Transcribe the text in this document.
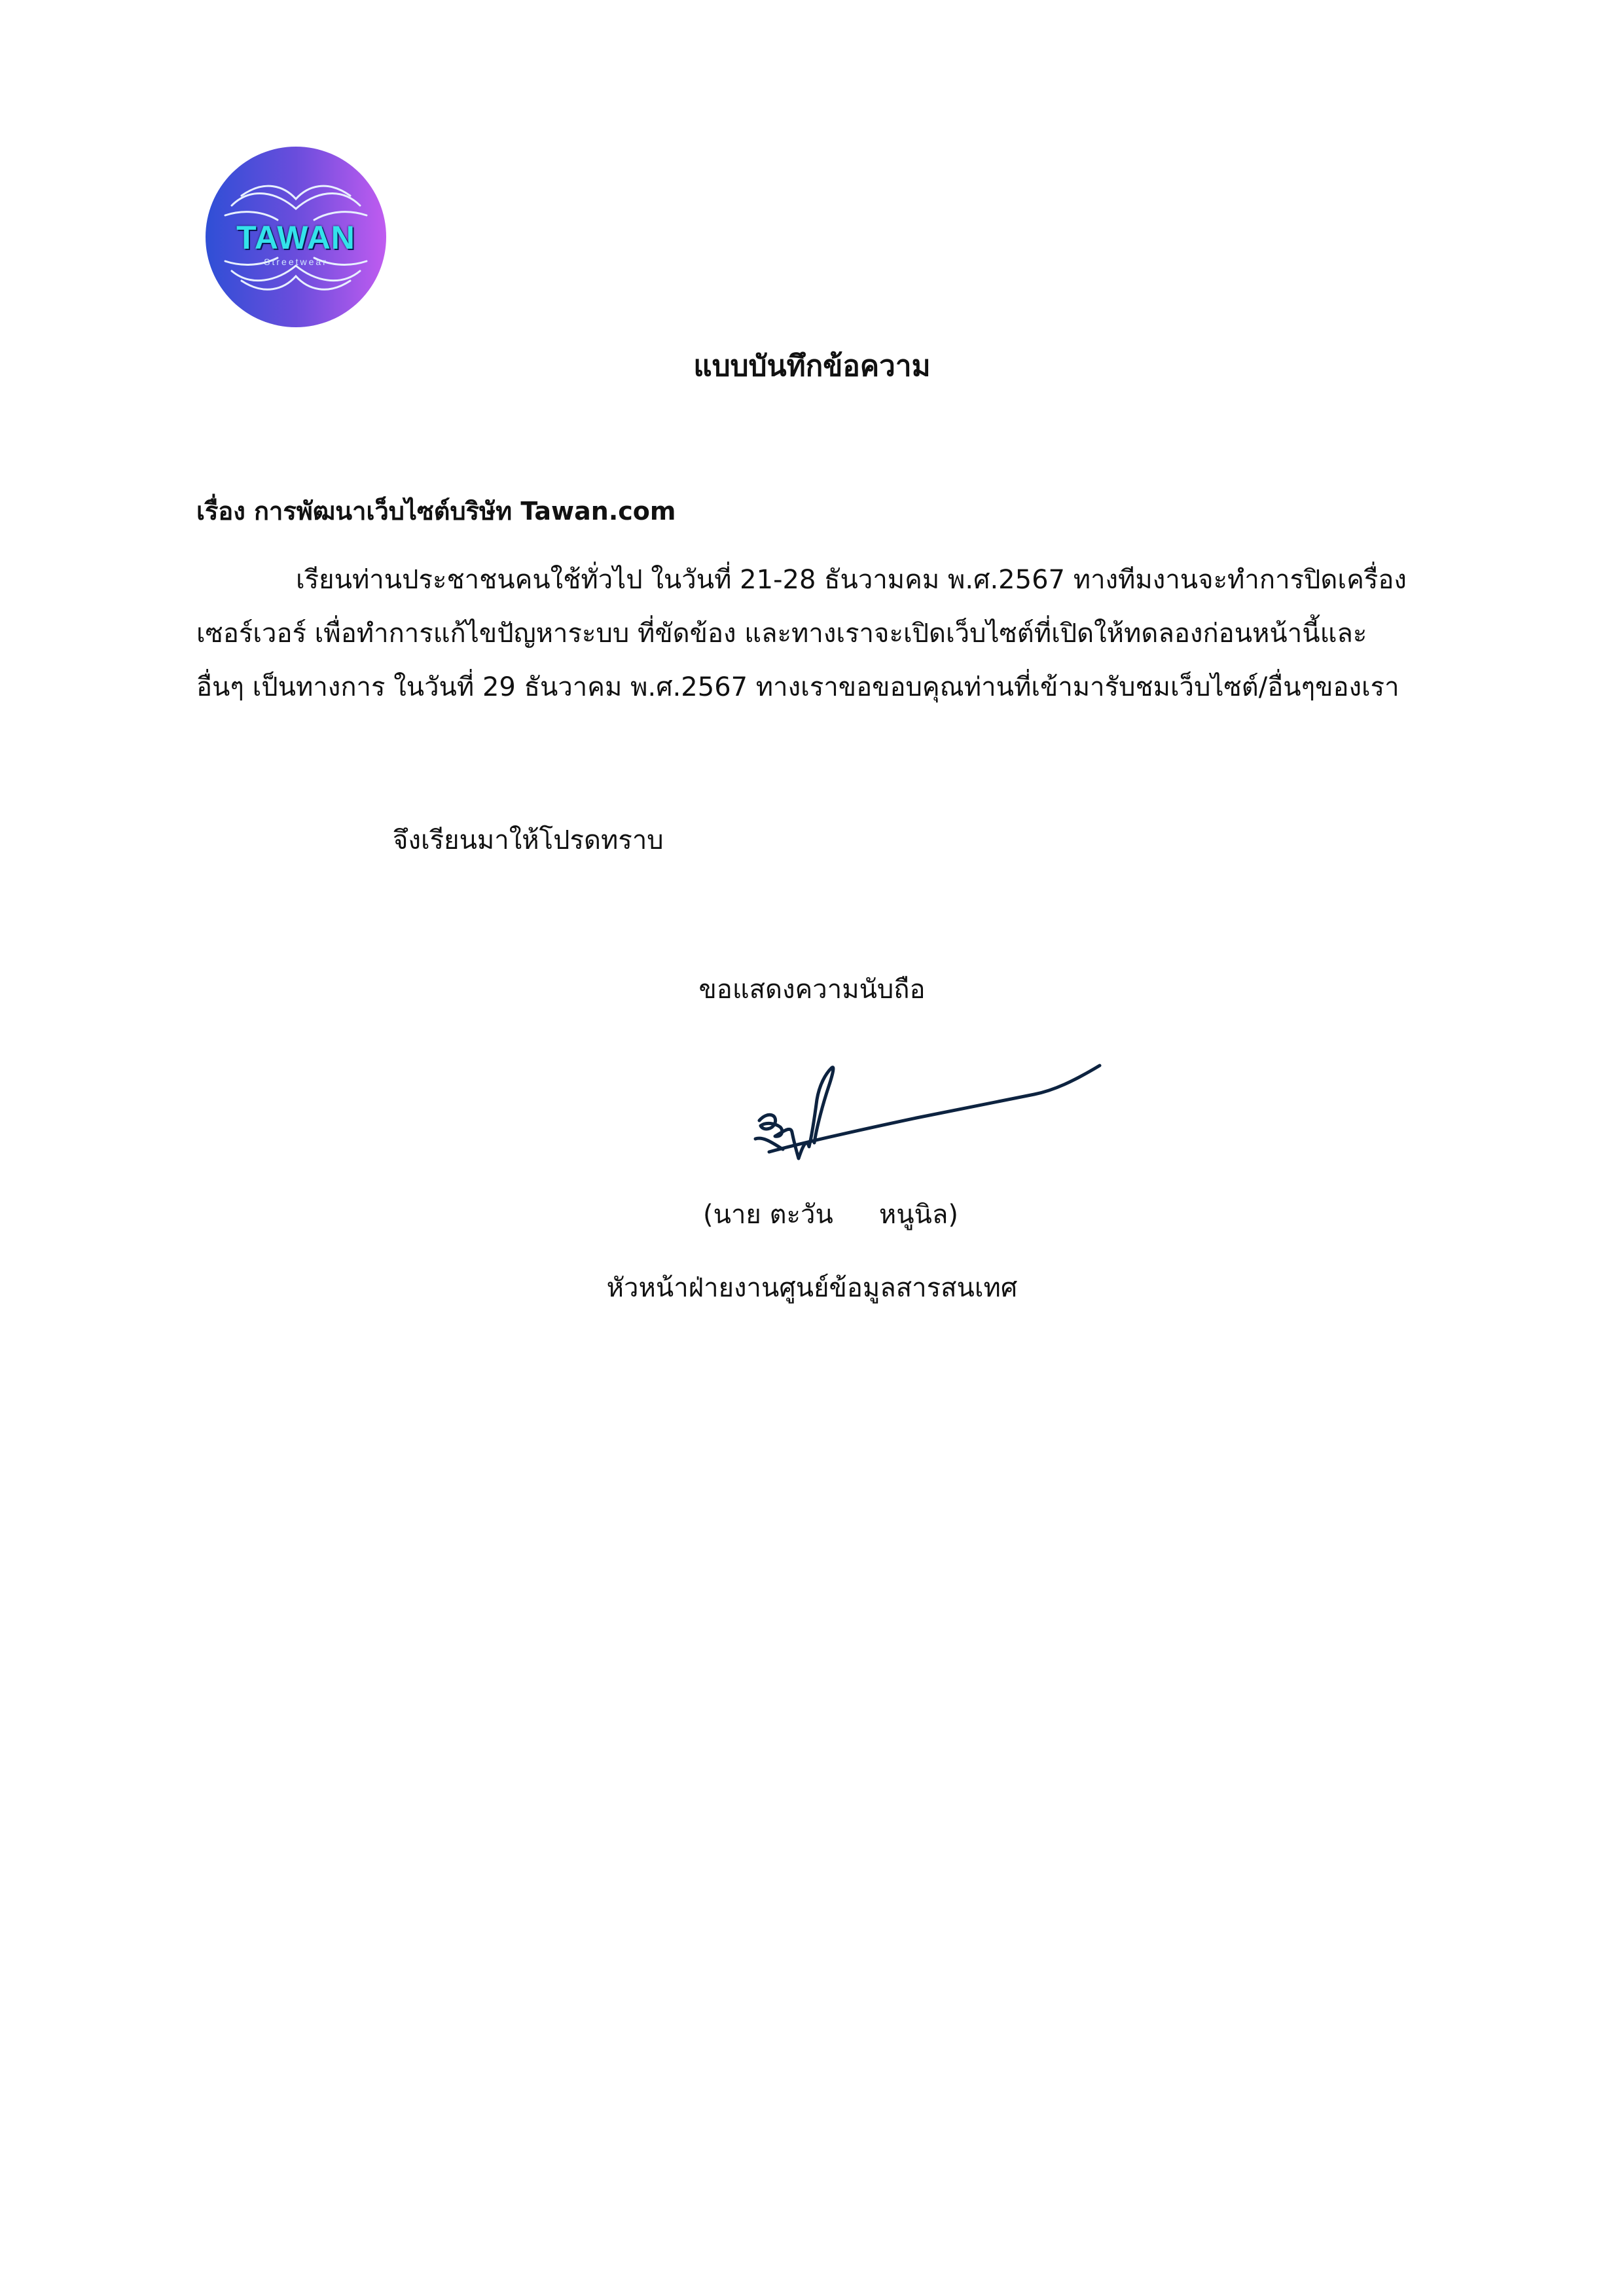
TAWAN
Streetwear
แบบบันทึกข้อความ
เรื่อง การพัฒนาเว็บไซต์บริษัท Tawan.com
เรียนท่านประชาชนคนใช้ทั่วไป ในวันที่ 21-28 ธันวามคม พ.ศ.2567 ทางทีมงานจะทำการปิดเครื่อง
เซอร์เวอร์ เพื่อทำการแก้ไขปัญหาระบบ ที่ขัดข้อง และทางเราจะเปิดเว็บไซต์ที่เปิดให้ทดลองก่อนหน้านี้และ
อื่นๆ เป็นทางการ ในวันที่ 29 ธันวาคม พ.ศ.2567 ทางเราขอขอบคุณท่านที่เข้ามารับชมเว็บไซต์/อื่นๆของเรา
จึงเรียนมาให้โปรดทราบ
ขอแสดงความนับถือ
(นาย ตะวัน หนูนิล)
หัวหน้าฝ่ายงานศูนย์ข้อมูลสารสนเทศ
